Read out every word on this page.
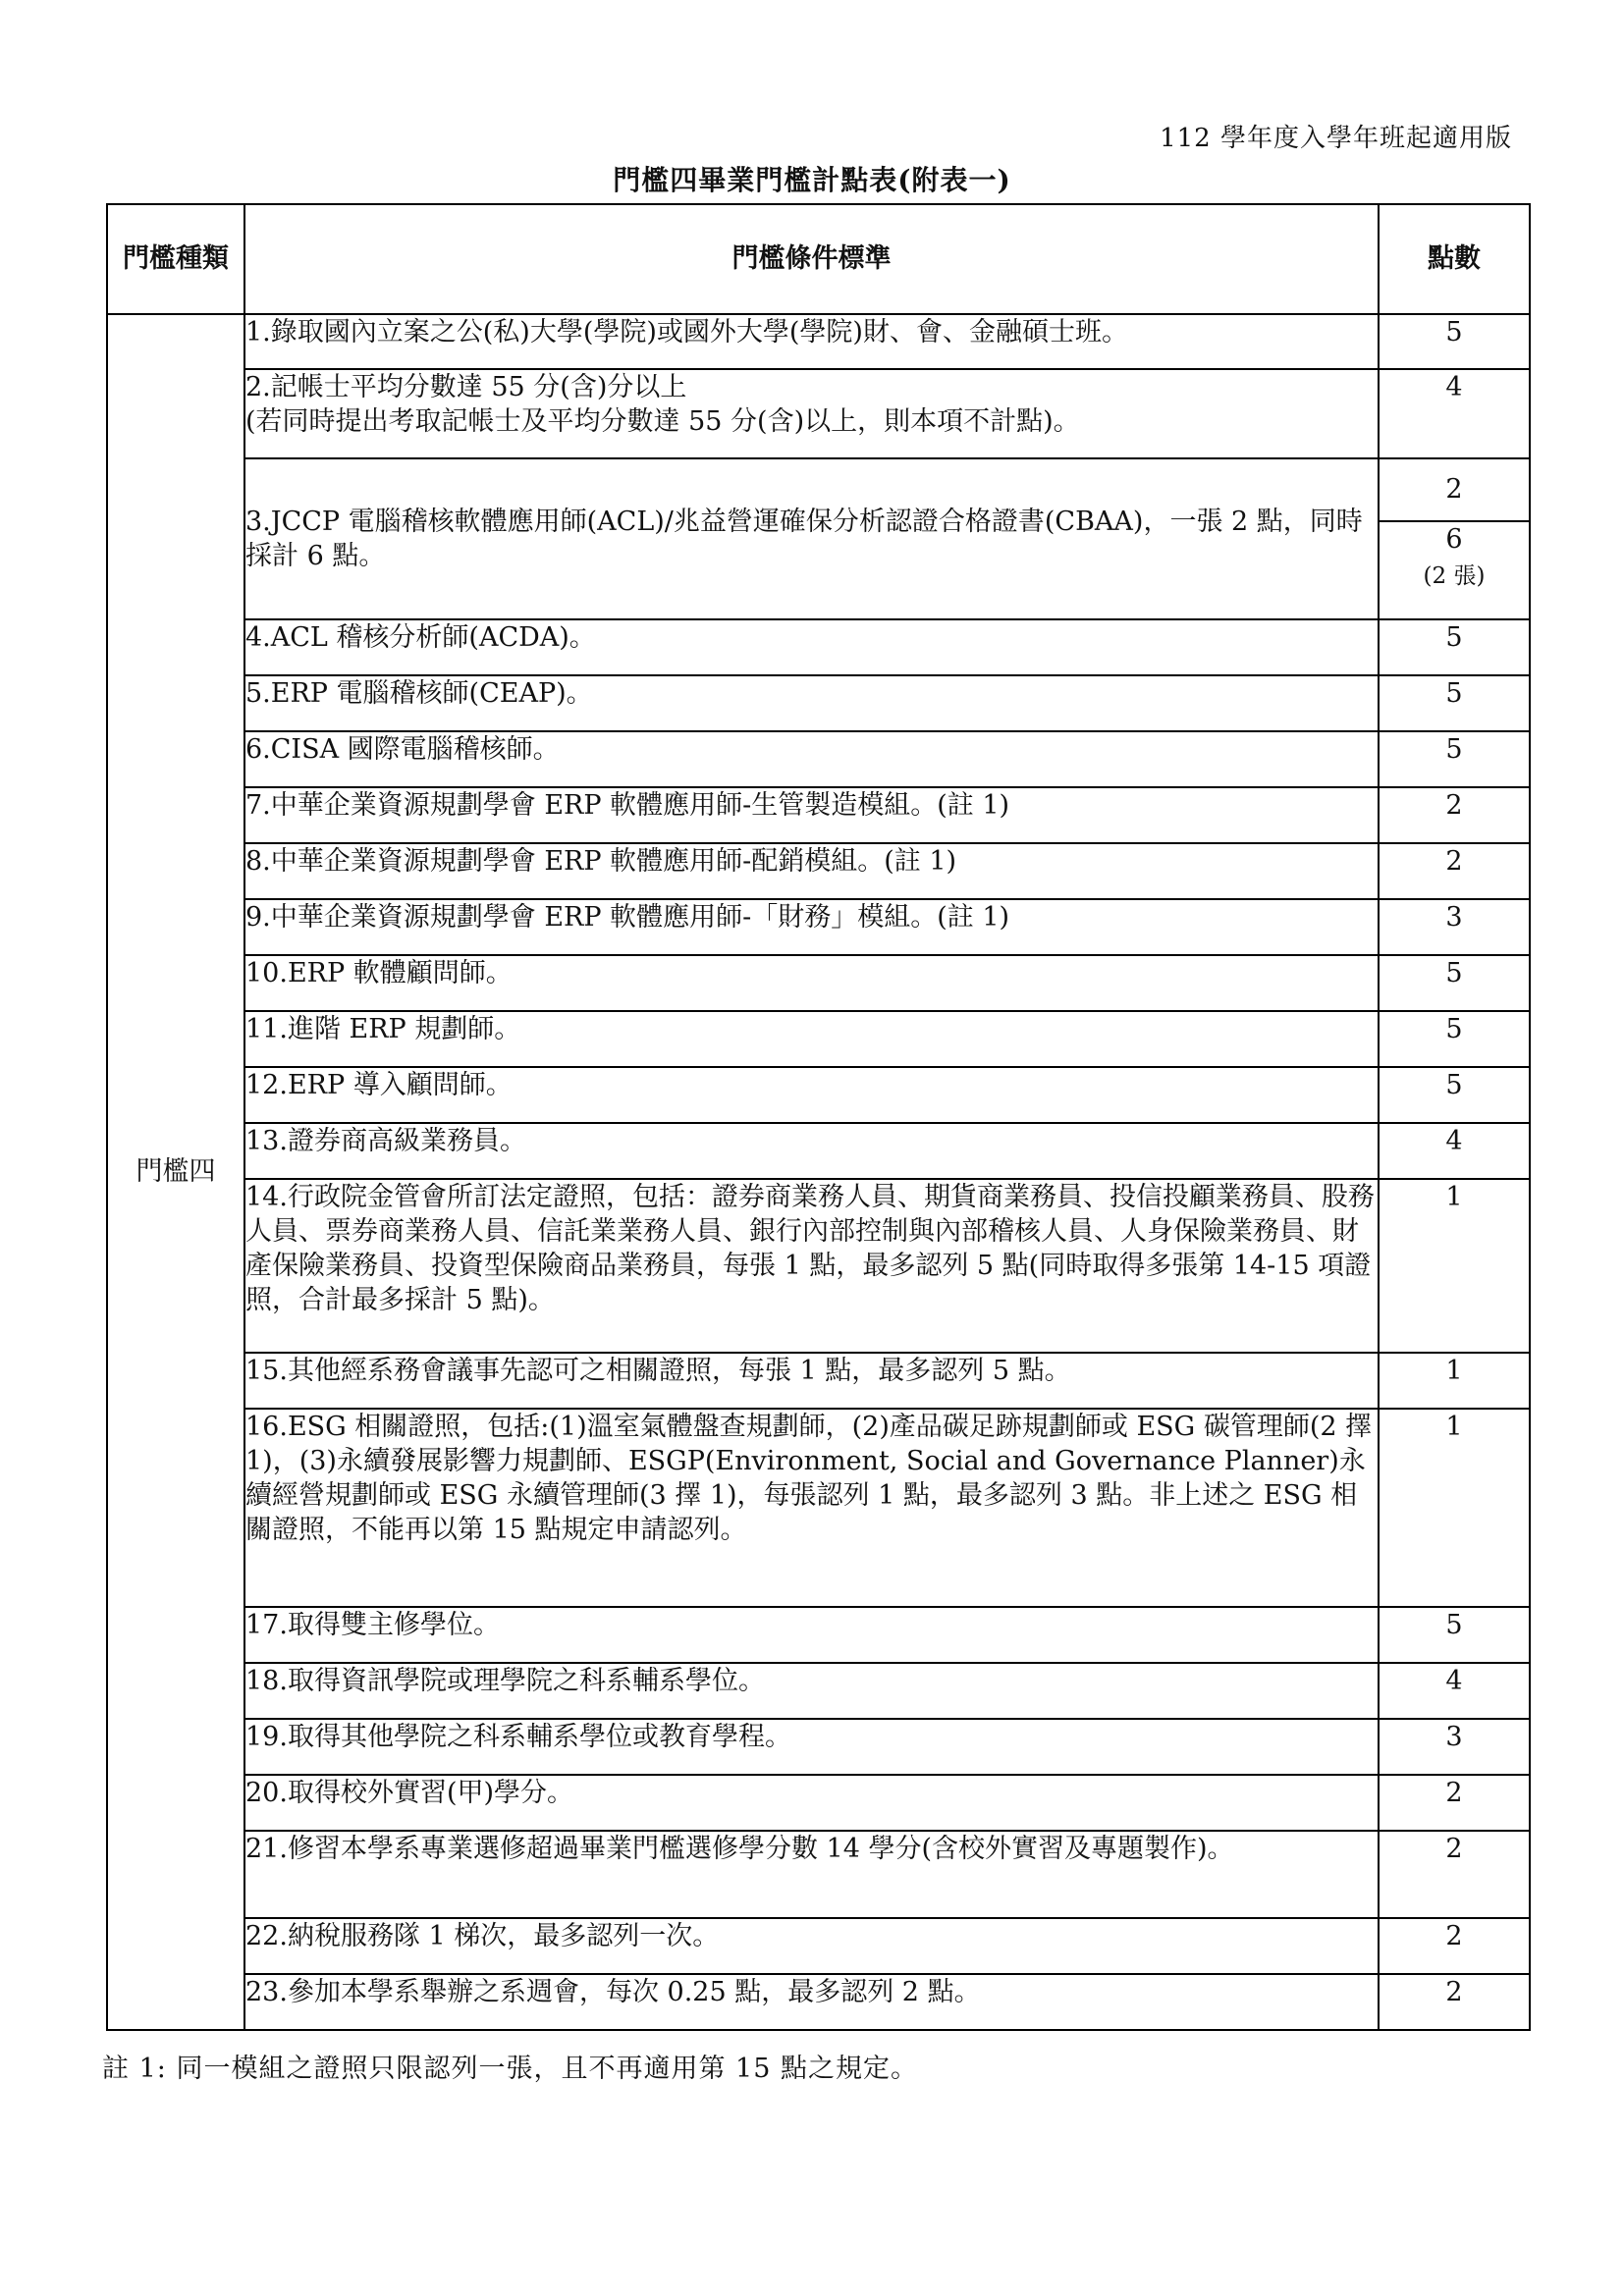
112 學年度入學年班起適用版
門檻四畢業門檻計點表(附表一)
門檻種類	門檻條件標準	點數
門檻四	1.錄取國內立案之公(私)大學(學院)或國外大學(學院)財、會、金融碩士班。	5
	2.記帳士平均分數達 55 分(含)分以上
(若同時提出考取記帳士及平均分數達 55 分(含)以上，則本項不計點)。	4
	3.JCCP 電腦稽核軟體應用師(ACL)/兆益營運確保分析認證合格證書(CBAA)，一張 2 點，同時採計 6 點。	2
		6
(2 張)

	4.ACL 稽核分析師(ACDA)。	5
	5.ERP 電腦稽核師(CEAP)。	5
	6.CISA 國際電腦稽核師。	5
	7.中華企業資源規劃學會 ERP 軟體應用師-生管製造模組。(註 1)	2
	8.中華企業資源規劃學會 ERP 軟體應用師-配銷模組。(註 1)	2
	9.中華企業資源規劃學會 ERP 軟體應用師-「財務」模組。(註 1)	3
	10.ERP 軟體顧問師。	5
	11.進階 ERP 規劃師。	5
	12.ERP 導入顧問師。	5
	13.證券商高級業務員。	4
	14.行政院金管會所訂法定證照，包括：證券商業務人員、期貨商業務員、投信投顧業務員、股務人員、票券商業務人員、信託業業務人員、銀行內部控制與內部稽核人員、人身保險業務員、財產保險業務員、投資型保險商品業務員，每張 1 點，最多認列 5 點(同時取得多張第 14-15 項證照，合計最多採計 5 點)。	1
	15.其他經系務會議事先認可之相關證照，每張 1 點，最多認列 5 點。	1
	16.ESG 相關證照，包括:(1)溫室氣體盤查規劃師，(2)產品碳足跡規劃師或 ESG 碳管理師(2 擇 1)，(3)永續發展影響力規劃師、ESGP(Environment, Social and Governance Planner)永續經營規劃師或 ESG 永續管理師(3 擇 1)，每張認列 1 點，最多認列 3 點。非上述之 ESG 相關證照，不能再以第 15 點規定申請認列。	1
	17.取得雙主修學位。	5
	18.取得資訊學院或理學院之科系輔系學位。	4
	19.取得其他學院之科系輔系學位或教育學程。	3
	20.取得校外實習(甲)學分。	2
	21.修習本學系專業選修超過畢業門檻選修學分數 14 學分(含校外實習及專題製作)。	2
	22.納稅服務隊 1 梯次，最多認列一次。	2
	23.參加本學系舉辦之系週會，每次 0.25 點，最多認列 2 點。	2
註 1: 同一模組之證照只限認列一張，且不再適用第 15 點之規定。
